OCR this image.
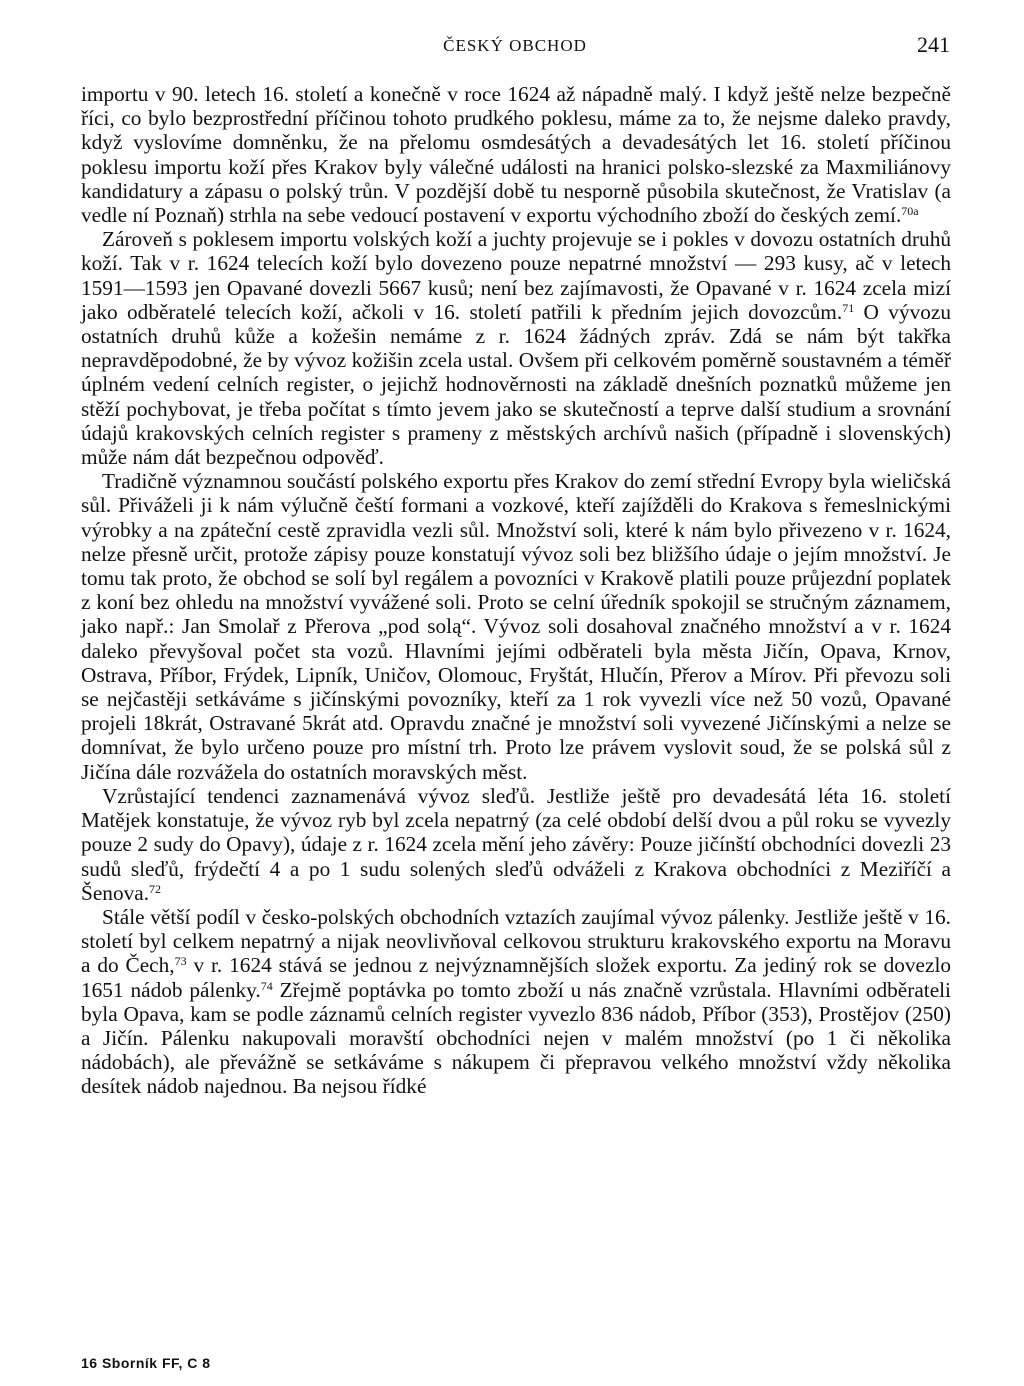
ČESKÝ OBCHOD	241

importu v 90. letech 16. století a konečně v roce 1624 až nápadně malý. I když ještě nelze bezpečně říci, co bylo bezprostřední příčinou tohoto prudkého poklesu, máme za to, že nejsme daleko pravdy, když vyslovíme domněnku, že na přelomu osmdesátých a devadesátých let 16. století příčinou poklesu importu koží přes Krakov byly válečné události na hranici polsko-slezské za Maxmiliánovy kandidatury a zápasu o polský trůn. V pozdější době tu nesporně působila skutečnost, že Vratislav (a vedle ní Poznaň) strhla na sebe vedoucí postavení v exportu východního zboží do českých zemí.$^{70a}$

Zároveň s poklesem importu volských koží a juchty projevuje se i pokles v dovozu ostatních druhů koží. Tak v r. 1624 telecích koží bylo dovezeno pouze nepatrné množství — 293 kusy, ač v letech 1591—1593 jen Opavané dovezli 5667 kusů; není bez zajímavosti, že Opavané v r. 1624 zcela mizí jako odběratelé telecích koží, ačkoli v 16. století patřili k předním jejich dovozcům.$^{71}$ O vývozu ostatních druhů kůže a kožešin nemáme z r. 1624 žádných zpráv. Zdá se nám být takřka nepravděpodobné, že by vývoz kožišin zcela ustal. Ovšem při celkovém poměrně soustavném a téměř úplném vedení celních register, o jejichž hodnověrnosti na základě dnešních poznatků můžeme jen stěží pochybovat, je třeba počítat s tímto jevem jako se skutečností a teprve další studium a srovnání údajů krakovských celních register s prameny z městských archívů našich (případně i slovenských) může nám dát bezpečnou odpověď.

Tradičně významnou součástí polského exportu přes Krakov do zemí střední Evropy byla wieličská sůl. Přiváželi ji k nám výlučně čeští formani a vozkové, kteří zajížděli do Krakova s řemeslnickými výrobky a na zpáteční cestě zpravidla vezli sůl. Množství soli, které k nám bylo přivezeno v r. 1624, nelze přesně určit, protože zápisy pouze konstatují vývoz soli bez bližšího údaje o jejím množství. Je tomu tak proto, že obchod se solí byl regálem a povozníci v Krakově platili pouze průjezdní poplatek z koní bez ohledu na množství vyvážené soli. Proto se celní úředník spokojil se stručným záznamem, jako např.: Jan Smolař z Přerova „pod solą“. Vývoz soli dosahoval značného množství a v r. 1624 daleko převyšoval počet sta vozů. Hlavními jejími odběrateli byla města Jičín, Opava, Krnov, Ostrava, Příbor, Frýdek, Lipník, Uničov, Olomouc, Fryštát, Hlučín, Přerov a Mírov. Při převozu soli se nejčastěji setkáváme s jičínskými povozníky, kteří za 1 rok vyvezli více než 50 vozů, Opavané projeli 18krát, Ostravané 5krát atd. Opravdu značné je množství soli vyvezené Jičínskými a nelze se domnívat, že bylo určeno pouze pro místní trh. Proto lze právem vyslovit soud, že se polská sůl z Jičína dále rozvážela do ostatních moravských měst.

Vzrůstající tendenci zaznamenává vývoz sleďů. Jestliže ještě pro devadesátá léta 16. století Matějek konstatuje, že vývoz ryb byl zcela nepatrný (za celé období delší dvou a půl roku se vyvezly pouze 2 sudy do Opavy), údaje z r. 1624 zcela mění jeho závěry: Pouze jičínští obchodníci dovezli 23 sudů sleďů, frýdečtí 4 a po 1 sudu solených sleďů odváželi z Krakova obchodníci z Meziříčí a Šenova.$^{72}$

Stále větší podíl v česko-polských obchodních vztazích zaujímal vývoz pálenky. Jestliže ještě v 16. století byl celkem nepatrný a nijak neovlivňoval celkovou strukturu krakovského exportu na Moravu a do Čech,$^{73}$ v r. 1624 stává se jednou z nejvýznamnějších složek exportu. Za jediný rok se dovezlo 1651 nádob pálenky.$^{74}$ Zřejmě poptávka po tomto zboží u nás značně vzrůstala. Hlavními odběrateli byla Opava, kam se podle záznamů celních register vyvezlo 836 nádob, Příbor (353), Prostějov (250) a Jičín. Pálenku nakupovali moravští obchodníci nejen v malém množství (po 1 či několika nádobách), ale převážně se setkáváme s nákupem či přepravou velkého množství vždy několika desítek nádob najednou. Ba nejsou řídké

16 Sborník FF, C 8
